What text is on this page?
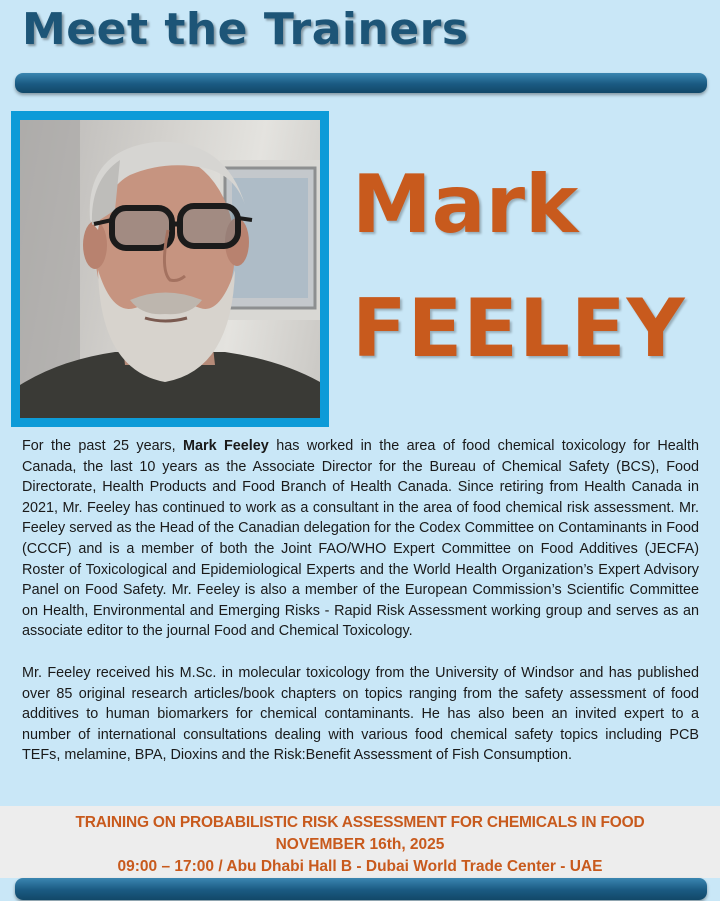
Meet the Trainers
Mark
FEELEY

For the past 25 years, Mark Feeley has worked in the area of food chemical toxicology for Health Canada, the last 10 years as the Associate Director for the Bureau of Chemical Safety (BCS), Food Directorate, Health Products and Food Branch of Health Canada. Since retiring from Health Canada in 2021, Mr. Feeley has continued to work as a consultant in the area of food chemical risk assessment. Mr. Feeley served as the Head of the Canadian delegation for the Codex Committee on Contaminants in Food (CCCF) and is a member of both the Joint FAO/WHO Expert Committee on Food Additives (JECFA) Roster of Toxicological and Epidemiological Experts and the World Health Organization’s Expert Advisory Panel on Food Safety. Mr. Feeley is also a member of the European Commission’s Scientific Committee on Health, Environmental and Emerging Risks - Rapid Risk Assessment working group and serves as an associate editor to the journal Food and Chemical Toxicology.

Mr. Feeley received his M.Sc. in molecular toxicology from the University of Windsor and has published over 85 original research articles/book chapters on topics ranging from the safety assessment of food additives to human biomarkers for chemical contaminants. He has also been an invited expert to a number of international consultations dealing with various food chemical safety topics including PCB TEFs, melamine, BPA, Dioxins and the Risk:Benefit Assessment of Fish Consumption.

TRAINING ON PROBABILISTIC RISK ASSESSMENT FOR CHEMICALS IN FOOD
NOVEMBER 16th, 2025
09:00 – 17:00 / Abu Dhabi Hall B - Dubai World Trade Center - UAE
